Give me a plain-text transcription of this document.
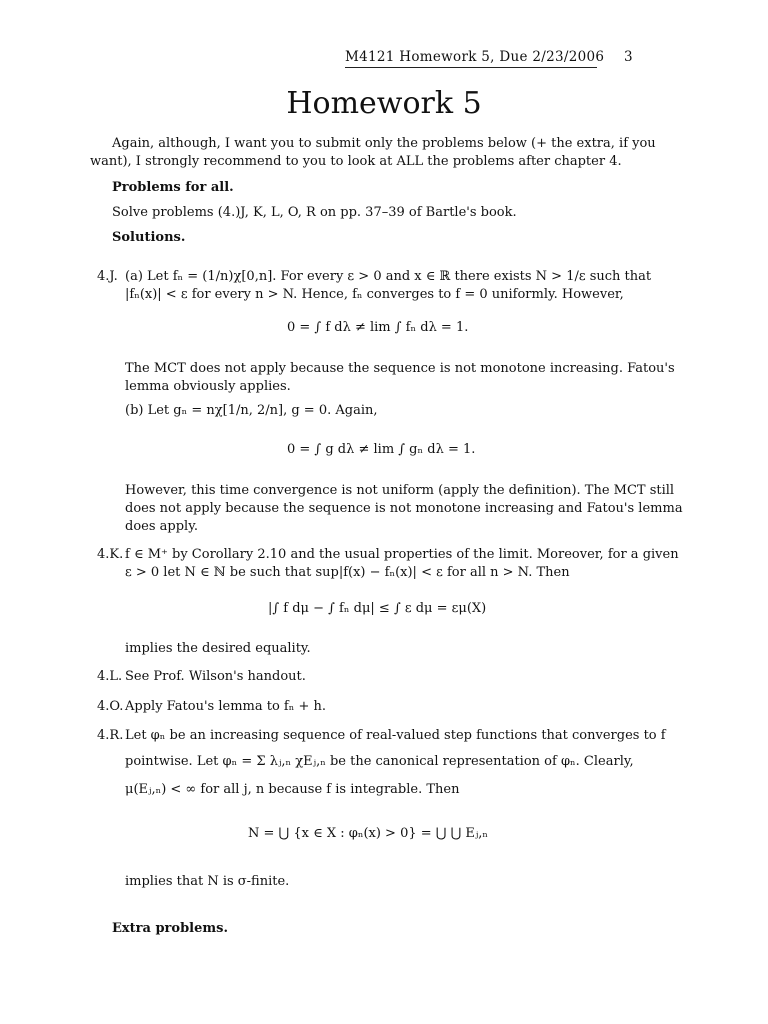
M4121 Homework 5, Due 2/23/2006 3
Homework 5
Again, although, I want you to submit only the problems below (+ the extra, if you
want), I strongly recommend to you to look at ALL the problems after chapter 4.
Problems for all.
Solve problems (4.)J, K, L, O, R on pp. 37–39 of Bartle's book.
Solutions.
4.J. (a) Let fₙ = (1/n)χ[0,n]. For every ε > 0 and x ∈ ℝ there exists N > 1/ε such that
|fₙ(x)| < ε for every n > N. Hence, fₙ converges to f = 0 uniformly. However,
0 = ∫ f dλ ≠ lim ∫ fₙ dλ = 1.
The MCT does not apply because the sequence is not monotone increasing. Fatou's
lemma obviously applies.
(b) Let gₙ = nχ[1/n, 2/n], g = 0. Again,
0 = ∫ g dλ ≠ lim ∫ gₙ dλ = 1.
However, this time convergence is not uniform (apply the definition). The MCT still
does not apply because the sequence is not monotone increasing and Fatou's lemma
does apply.
4.K. f ∈ M⁺ by Corollary 2.10 and the usual properties of the limit. Moreover, for a given
ε > 0 let N ∈ ℕ be such that sup|f(x) − fₙ(x)| < ε for all n > N. Then
|∫ f dμ − ∫ fₙ dμ| ≤ ∫ ε dμ = εμ(X)
implies the desired equality.
4.L. See Prof. Wilson's handout.
4.O. Apply Fatou's lemma to fₙ + h.
4.R. Let φₙ be an increasing sequence of real-valued step functions that converges to f
pointwise. Let φₙ = Σ λⱼ,ₙ χEⱼ,ₙ be the canonical representation of φₙ. Clearly,
μ(Eⱼ,ₙ) < ∞ for all j, n because f is integrable. Then
N = ⋃ {x ∈ X : φₙ(x) > 0} = ⋃ ⋃ Eⱼ,ₙ
implies that N is σ-finite.
Extra problems.
